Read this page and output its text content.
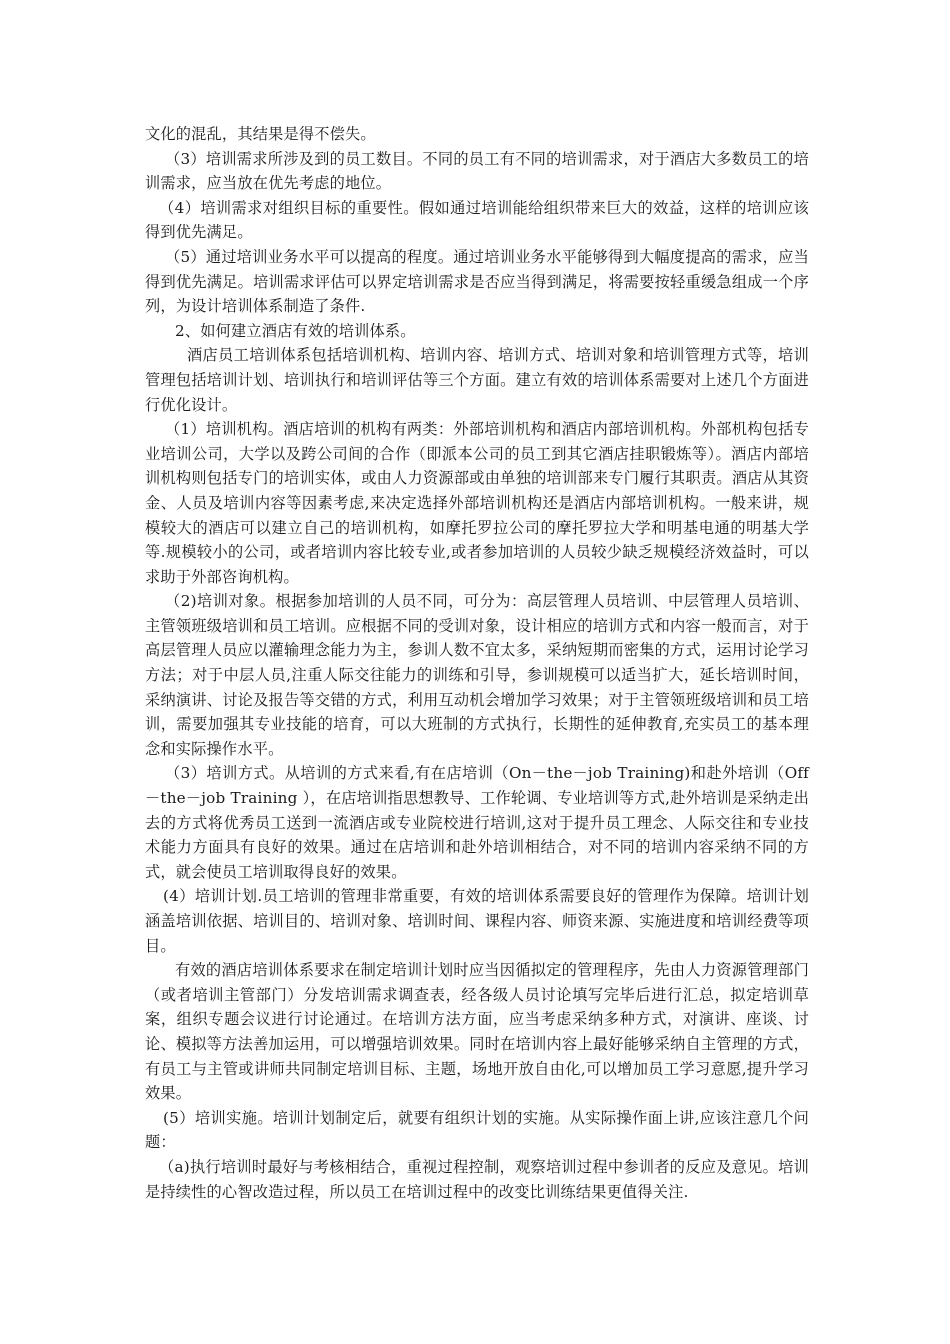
文化的混乱，其结果是得不偿失。

（3）培训需求所涉及到的员工数目。不同的员工有不同的培训需求，对于酒店大多数员工的培训需求，应当放在优先考虑的地位。

（4）培训需求对组织目标的重要性。假如通过培训能给组织带来巨大的效益，这样的培训应该得到优先满足。

（5）通过培训业务水平可以提高的程度。通过培训业务水平能够得到大幅度提高的需求，应当得到优先满足。培训需求评估可以界定培训需求是否应当得到满足，将需要按轻重缓急组成一个序列，为设计培训体系制造了条件.

2、如何建立酒店有效的培训体系。

酒店员工培训体系包括培训机构、培训内容、培训方式、培训对象和培训管理方式等，培训管理包括培训计划、培训执行和培训评估等三个方面。建立有效的培训体系需要对上述几个方面进行优化设计。

（1）培训机构。酒店培训的机构有两类：外部培训机构和酒店内部培训机构。外部机构包括专业培训公司，大学以及跨公司间的合作（即派本公司的员工到其它酒店挂职锻炼等）。酒店内部培训机构则包括专门的培训实体，或由人力资源部或由单独的培训部来专门履行其职责。酒店从其资金、人员及培训内容等因素考虑,来决定选择外部培训机构还是酒店内部培训机构。一般来讲，规模较大的酒店可以建立自己的培训机构，如摩托罗拉公司的摩托罗拉大学和明基电通的明基大学等.规模较小的公司，或者培训内容比较专业,或者参加培训的人员较少缺乏规模经济效益时，可以求助于外部咨询机构。

（2)培训对象。根据参加培训的人员不同，可分为：高层管理人员培训、中层管理人员培训、主管领班级培训和员工培训。应根据不同的受训对象，设计相应的培训方式和内容一般而言，对于高层管理人员应以灌输理念能力为主，参训人数不宜太多，采纳短期而密集的方式，运用讨论学习方法；对于中层人员,注重人际交往能力的训练和引导，参训规模可以适当扩大，延长培训时间，采纳演讲、讨论及报告等交错的方式，利用互动机会增加学习效果；对于主管领班级培训和员工培训，需要加强其专业技能的培育，可以大班制的方式执行，长期性的延伸教育,充实员工的基本理念和实际操作水平。

（3）培训方式。从培训的方式来看,有在店培训（On－the－job Training)和赴外培训（Off－the－job Training ），在店培训指思想教导、工作轮调、专业培训等方式,赴外培训是采纳走出去的方式将优秀员工送到一流酒店或专业院校进行培训,这对于提升员工理念、人际交往和专业技术能力方面具有良好的效果。通过在店培训和赴外培训相结合，对不同的培训内容采纳不同的方式，就会使员工培训取得良好的效果。

(4）培训计划.员工培训的管理非常重要，有效的培训体系需要良好的管理作为保障。培训计划涵盖培训依据、培训目的、培训对象、培训时间、课程内容、师资来源、实施进度和培训经费等项目。

有效的酒店培训体系要求在制定培训计划时应当因循拟定的管理程序，先由人力资源管理部门（或者培训主管部门）分发培训需求调查表，经各级人员讨论填写完毕后进行汇总，拟定培训草案，组织专题会议进行讨论通过。在培训方法方面，应当考虑采纳多种方式，对演讲、座谈、讨论、模拟等方法善加运用，可以增强培训效果。同时在培训内容上最好能够采纳自主管理的方式，有员工与主管或讲师共同制定培训目标、主题，场地开放自由化,可以增加员工学习意愿,提升学习效果。

(5）培训实施。培训计划制定后，就要有组织计划的实施。从实际操作面上讲,应该注意几个问题：

（a)执行培训时最好与考核相结合，重视过程控制，观察培训过程中参训者的反应及意见。培训是持续性的心智改造过程，所以员工在培训过程中的改变比训练结果更值得关注.
